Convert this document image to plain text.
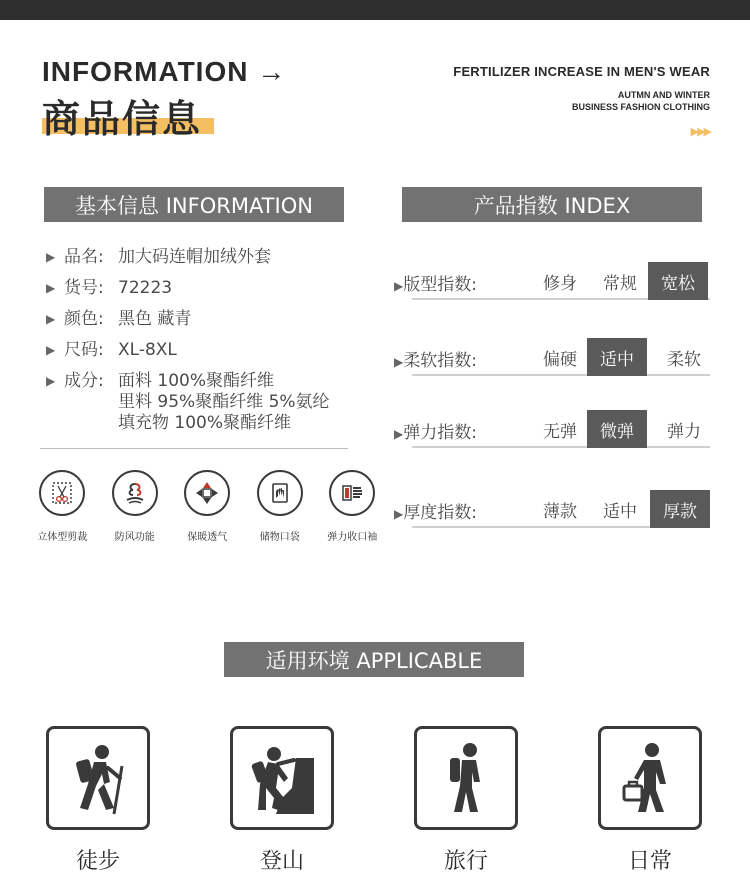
INFORMATION →
商品信息
FERTILIZER INCREASE IN MEN'S WEAR
AUTMN AND WINTER
BUSINESS FASHION CLOTHING
▶▶▶
基本信息 INFORMATION
▶ 品名: 加大码连帽加绒外套
▶ 货号: 72223
▶ 颜色: 黑色 藏青
▶ 尺码: XL-8XL
▶ 成分: 面料 100%聚酯纤维
里料 95%聚酯纤维 5%氨纶
填充物 100%聚酯纤维
立体型剪裁	防风功能	保暖透气	储物口袋	弹力收口袖
产品指数 INDEX
▶版型指数:	修身	常规	宽松
▶柔软指数:	偏硬	适中	柔软
▶弹力指数:	无弹	微弹	弹力
▶厚度指数:	薄款	适中	厚款
适用环境 APPLICABLE
徒步	登山	旅行	日常
